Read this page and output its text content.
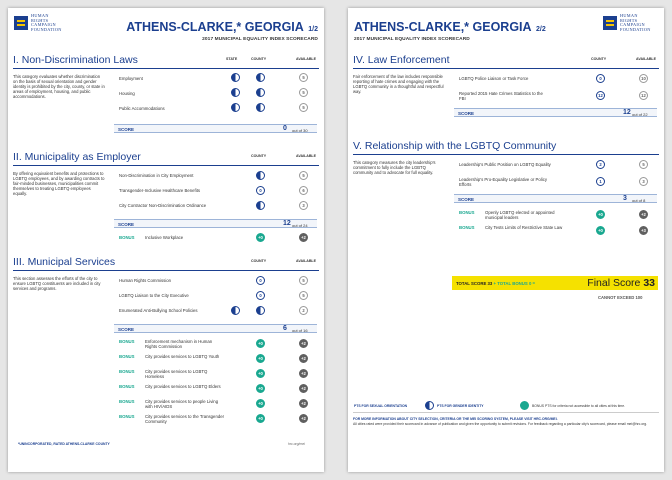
HUMAN
RIGHTS
CAMPAIGN
FOUNDATION	ATHENS-CLARKE,* GEORGIA 1/2
2017 MUNICIPAL EQUALITY INDEX SCORECARD
I. Non-Discrimination Laws	STATE	COUNTY	AVAILABLE
This category evaluates whether discrimination on the basis of sexual orientation and gender identity is prohibited by the city, county, or state in areas of employment, housing, and public accommodations.
Employment	5
Housing	5
Public Accommodations	5
SCORE	0 out of 30
II. Municipality as Employer	COUNTY	AVAILABLE
By offering equivalent benefits and protections to LGBTQ employees, and by awarding contracts to fair-minded businesses, municipalities commit themselves to treating LGBTQ employees equally.
Non-Discrimination in City Employment	5
Transgender-Inclusive Healthcare Benefits	0	6
City Contractor Non-Discrimination Ordinance	3
SCORE	12 out of 24
BONUS Inclusive Workplace	+0	+2
III. Municipal Services	COUNTY	AVAILABLE
This section assesses the efforts of the city to ensure LGBTQ constituents are included in city services and programs.
Human Rights Commission	0	5
LGBTQ Liaison to the City Executive	0	5
Enumerated Anti-Bullying School Policies	2
SCORE	6 out of 16
BONUS Enforcement mechanism in Human Rights Commission
+0	+2
BONUS City provides services to LGBTQ Youth	+0	+2
BONUS City provides services to LGBTQ Homeless
+0	+2
BONUS City provides services to LGBTQ Elders	+0	+2
BONUS City provides services to people Living with HIV/AIDS
+0	+2
BONUS City provides services to the Transgender Community
+0	+2
*UNINCORPORATED, RATED ATHENS-CLARKE COUNTY	hrc.org/mei
ATHENS-CLARKE,* GEORGIA 2/2
2017 MUNICIPAL EQUALITY INDEX SCORECARD
HUMAN
RIGHTS
CAMPAIGN
FOUNDATION
IV. Law Enforcement	COUNTY	AVAILABLE
Fair enforcement of the law includes responsible reporting of hate crimes and engaging with the LGBTQ community in a thoughtful and respectful way.
LGBTQ Police Liaison or Task Force	0	10
Reported 2015 Hate Crimes Statistics to the FBI
12	12
SCORE	12 out of 22
V. Relationship with the LGBTQ Community
This category measures the city leadership's commitment to fully include the LGBTQ community and to advocate for full equality.
Leadership's Public Position on LGBTQ Equality	2	5
Leadership's Pro-Equality Legislative or Policy Efforts
1	3
SCORE	3 out of 8
BONUS Openly LGBTQ elected or appointed municipal leaders
+0	+2
BONUS City Tests Limits of Restrictive State Law
+0	+3
TOTAL SCORE 33 + TOTAL BONUS 0 =	Final Score 33
CANNOT EXCEED 100
PTS FOR SEXUAL ORIENTATION	PTS FOR GENDER IDENTITY	BONUS PTS for criteria not accessible to all cities at this time.
FOR MORE INFORMATION ABOUT CITY SELECTION, CRITERIA OR THE MEI SCORING SYSTEM, PLEASE VISIT HRC.ORG/MEI.
All cities rated were provided their scorecard in advance of publication and given the opportunity to submit revisions. For feedback regarding a particular city's scorecard, please email mei@hrc.org.
